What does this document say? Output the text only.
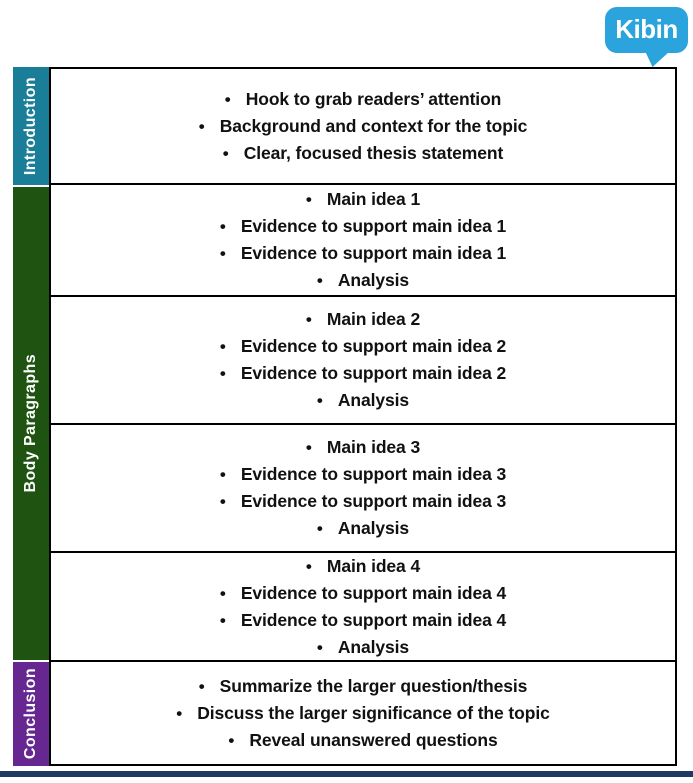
Kibin
Introduction
Body Paragraphs
Conclusion
• Hook to grab readers’ attention
• Background and context for the topic
• Clear, focused thesis statement
• Main idea 1
• Evidence to support main idea 1
• Evidence to support main idea 1
• Analysis
• Main idea 2
• Evidence to support main idea 2
• Evidence to support main idea 2
• Analysis
• Main idea 3
• Evidence to support main idea 3
• Evidence to support main idea 3
• Analysis
• Main idea 4
• Evidence to support main idea 4
• Evidence to support main idea 4
• Analysis
• Summarize the larger question/thesis
• Discuss the larger significance of the topic
• Reveal unanswered questions
